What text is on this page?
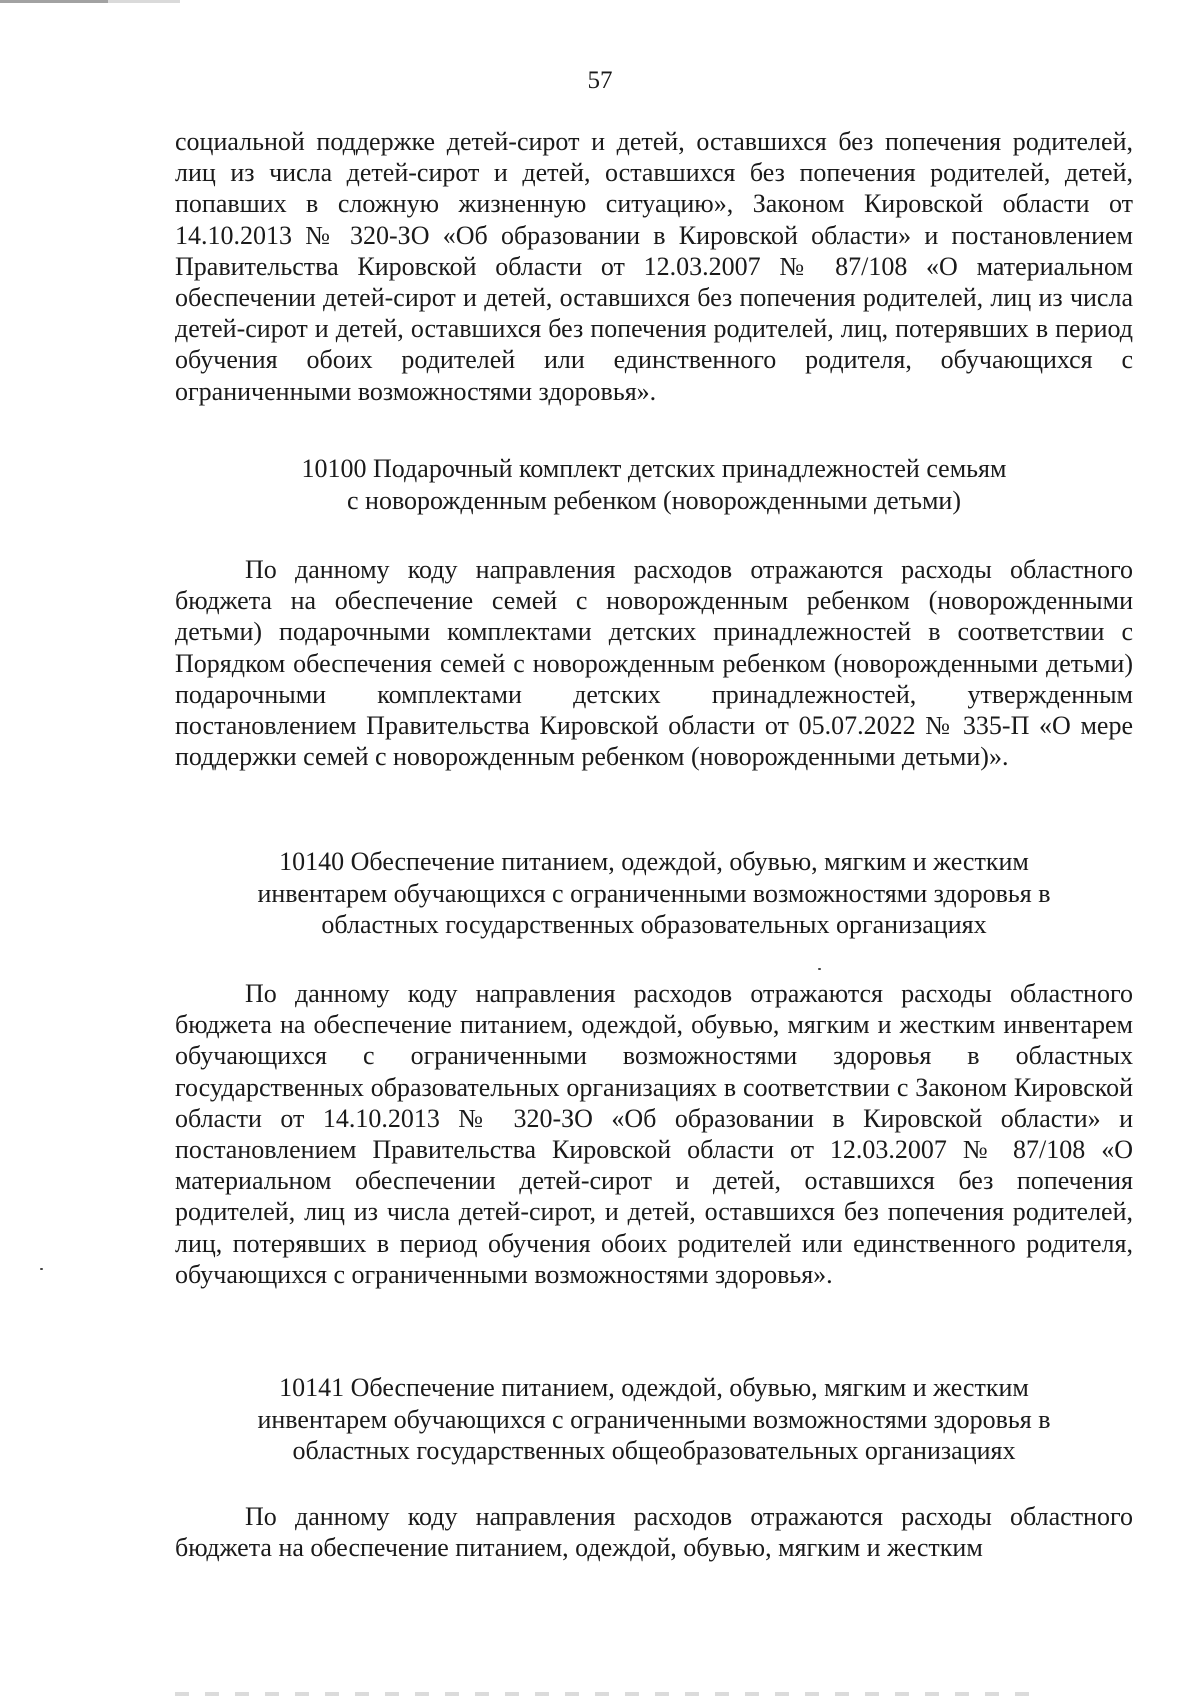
57

социальной поддержке детей-сирот и детей, оставшихся без попечения родителей, лиц из числа детей-сирот и детей, оставшихся без попечения родителей, детей, попавших в сложную жизненную ситуацию», Законом Кировской области от 14.10.2013 № 320-ЗО «Об образовании в Кировской области» и постановлением Правительства Кировской области от 12.03.2007 № 87/108 «О материальном обеспечении детей-сирот и детей, оставшихся без попечения родителей, лиц из числа детей-сирот и детей, оставшихся без попечения родителей, лиц, потерявших в период обучения обоих родителей или единственного родителя, обучающихся с ограниченными возможностями здоровья».

10100 Подарочный комплект детских принадлежностей семьям
с новорожденным ребенком (новорожденными детьми)

По данному коду направления расходов отражаются расходы областного бюджета на обеспечение семей с новорожденным ребенком (новорожденными детьми) подарочными комплектами детских принадлежностей в соответствии с Порядком обеспечения семей с новорожденным ребенком (новорожденными детьми) подарочными комплектами детских принадлежностей, утвержденным постановлением Правительства Кировской области от 05.07.2022 № 335-П «О мере поддержки семей с новорожденным ребенком (новорожденными детьми)».

10140 Обеспечение питанием, одеждой, обувью, мягким и жестким
инвентарем обучающихся с ограниченными возможностями здоровья в
областных государственных образовательных организациях

По данному коду направления расходов отражаются расходы областного бюджета на обеспечение питанием, одеждой, обувью, мягким и жестким инвентарем обучающихся с ограниченными возможностями здоровья в областных государственных образовательных организациях в соответствии с Законом Кировской области от 14.10.2013 № 320-ЗО «Об образовании в Кировской области» и постановлением Правительства Кировской области от 12.03.2007 № 87/108 «О материальном обеспечении детей-сирот и детей, оставшихся без попечения родителей, лиц из числа детей-сирот, и детей, оставшихся без попечения родителей, лиц, потерявших в период обучения обоих родителей или единственного родителя, обучающихся с ограниченными возможностями здоровья».

10141 Обеспечение питанием, одеждой, обувью, мягким и жестким
инвентарем обучающихся с ограниченными возможностями здоровья в
областных государственных общеобразовательных организациях

По данному коду направления расходов отражаются расходы областного бюджета на обеспечение питанием, одеждой, обувью, мягким и жестким
